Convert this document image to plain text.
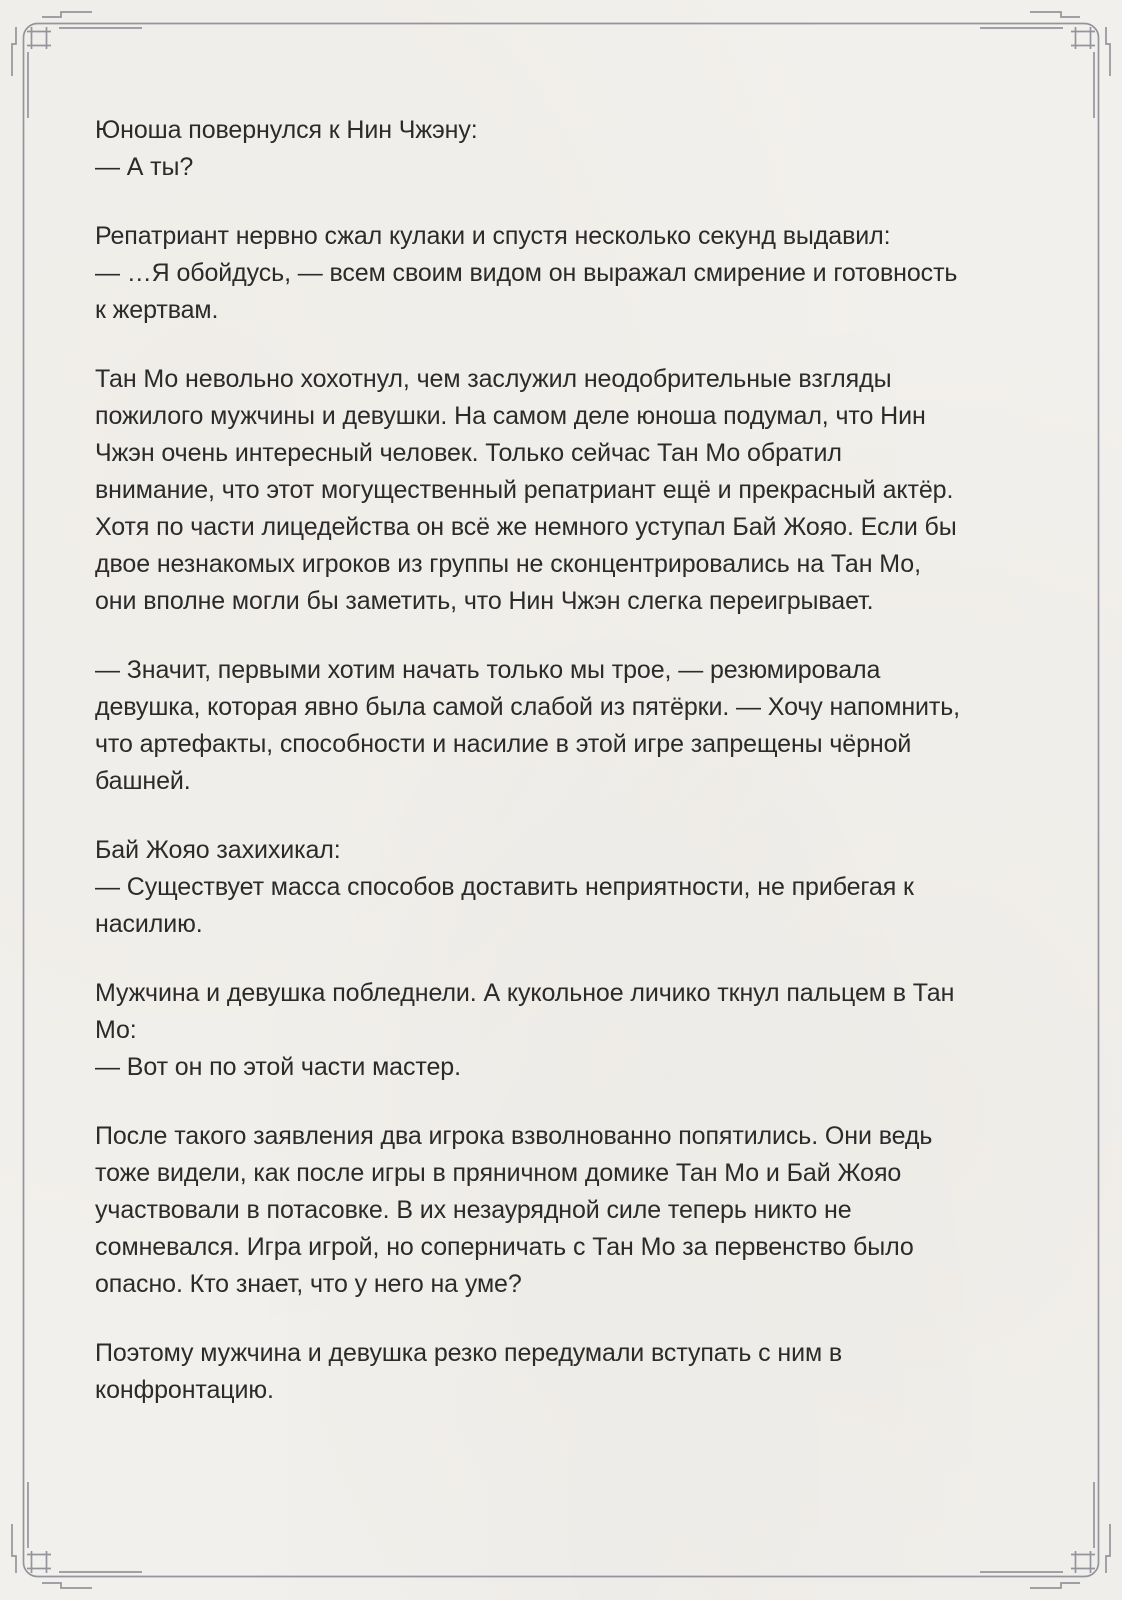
Юноша повернулся к Нин Чжэну:
— А ты?

Репатриант нервно сжал кулаки и спустя несколько секунд выдавил:
— …Я обойдусь, — всем своим видом он выражал смирение и готовность
к жертвам.

Тан Мо невольно хохотнул, чем заслужил неодобрительные взгляды
пожилого мужчины и девушки. На самом деле юноша подумал, что Нин
Чжэн очень интересный человек. Только сейчас Тан Мо обратил
внимание, что этот могущественный репатриант ещё и прекрасный актёр.
Хотя по части лицедейства он всё же немного уступал Бай Жояо. Если бы
двое незнакомых игроков из группы не сконцентрировались на Тан Мо,
они вполне могли бы заметить, что Нин Чжэн слегка переигрывает.

— Значит, первыми хотим начать только мы трое, — резюмировала
девушка, которая явно была самой слабой из пятёрки. — Хочу напомнить,
что артефакты, способности и насилие в этой игре запрещены чёрной
башней.

Бай Жояо захихикал:
— Существует масса способов доставить неприятности, не прибегая к
насилию.

Мужчина и девушка побледнели. А кукольное личико ткнул пальцем в Тан
Мо:
— Вот он по этой части мастер.

После такого заявления два игрока взволнованно попятились. Они ведь
тоже видели, как после игры в пряничном домике Тан Мо и Бай Жояо
участвовали в потасовке. В их незаурядной силе теперь никто не
сомневался. Игра игрой, но соперничать с Тан Мо за первенство было
опасно. Кто знает, что у него на уме?

Поэтому мужчина и девушка резко передумали вступать с ним в
конфронтацию.
